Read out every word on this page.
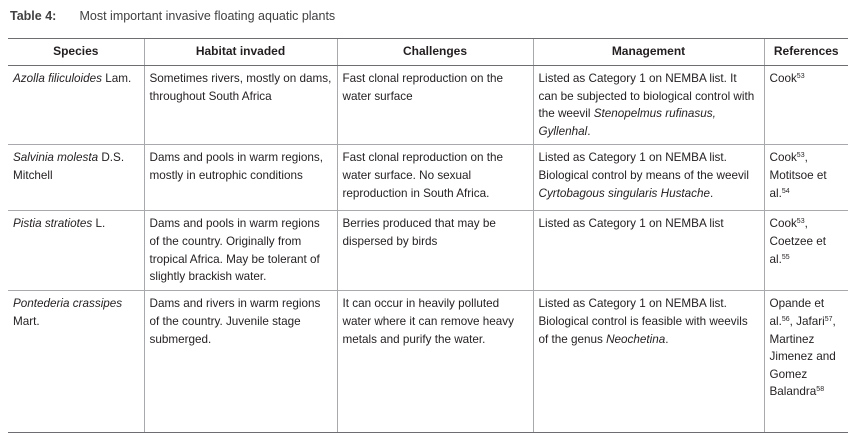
Table 4: Most important invasive floating aquatic plants
Species	Habitat invaded	Challenges	Management	References
Azolla filiculoides Lam.	Sometimes rivers, mostly on dams, throughout South Africa	Fast clonal reproduction on the water surface	Listed as Category 1 on NEMBA list. It can be subjected to biological control with the weevil Stenopelmus rufinasus, Gyllenhal.	Cook$^{53}$
Salvinia molesta D.S. Mitchell	Dams and pools in warm regions, mostly in eutrophic conditions	Fast clonal reproduction on the water surface. No sexual reproduction in South Africa.	Listed as Category 1 on NEMBA list. Biological control by means of the weevil Cyrtobagous singularis Hustache.	Cook$^{53}$, Motitsoe et al.$^{54}$
Pistia stratiotes L.	Dams and pools in warm regions of the country. Originally from tropical Africa. May be tolerant of slightly brackish water.	Berries produced that may be dispersed by birds	Listed as Category 1 on NEMBA list	Cook$^{53}$, Coetzee et al.$^{55}$
Pontederia crassipes Mart.	Dams and rivers in warm regions of the country. Juvenile stage submerged.	It can occur in heavily polluted water where it can remove heavy metals and purify the water.	Listed as Category 1 on NEMBA list. Biological control is feasible with weevils of the genus Neochetina.	Opande et al.$^{56}$, Jafari$^{57}$, Martinez Jimenez and Gomez Balandra$^{58}$
